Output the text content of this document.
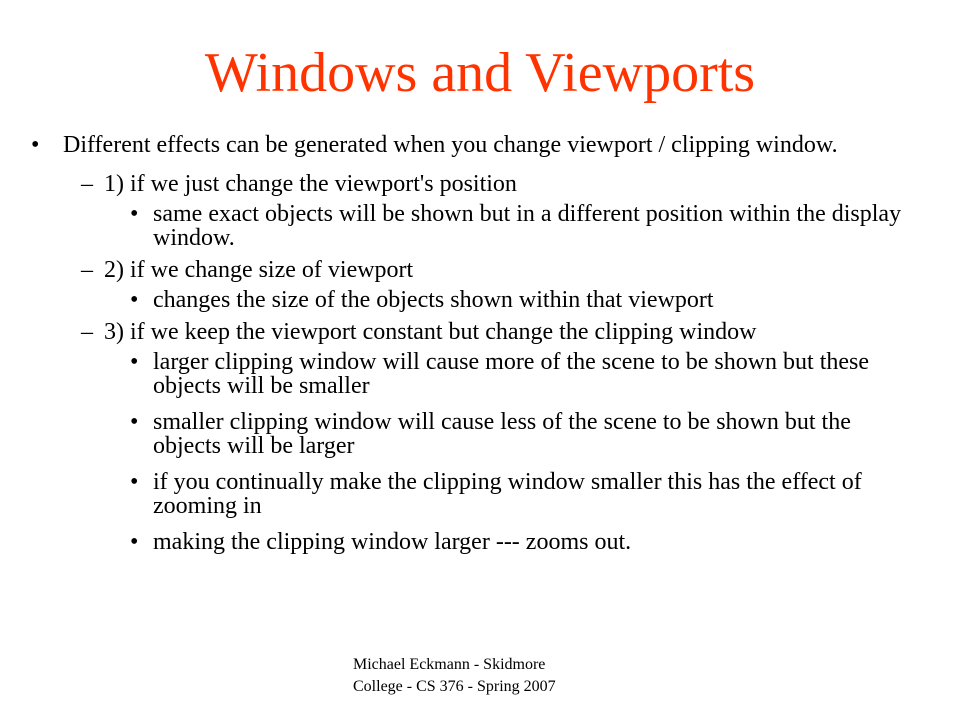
Windows and Viewports
• Different effects can be generated when you change viewport / clipping window.
– 1) if we just change the viewport's position
• same exact objects will be shown but in a different position within the display window.
– 2) if we change size of viewport
• changes the size of the objects shown within that viewport
– 3) if we keep the viewport constant but change the clipping window
• larger clipping window will cause more of the scene to be shown but these objects will be smaller
• smaller clipping window will cause less of the scene to be shown but the objects will be larger
• if you continually make the clipping window smaller this has the effect of zooming in
• making the clipping window larger --- zooms out.
Michael Eckmann - Skidmore
College - CS 376 - Spring 2007
